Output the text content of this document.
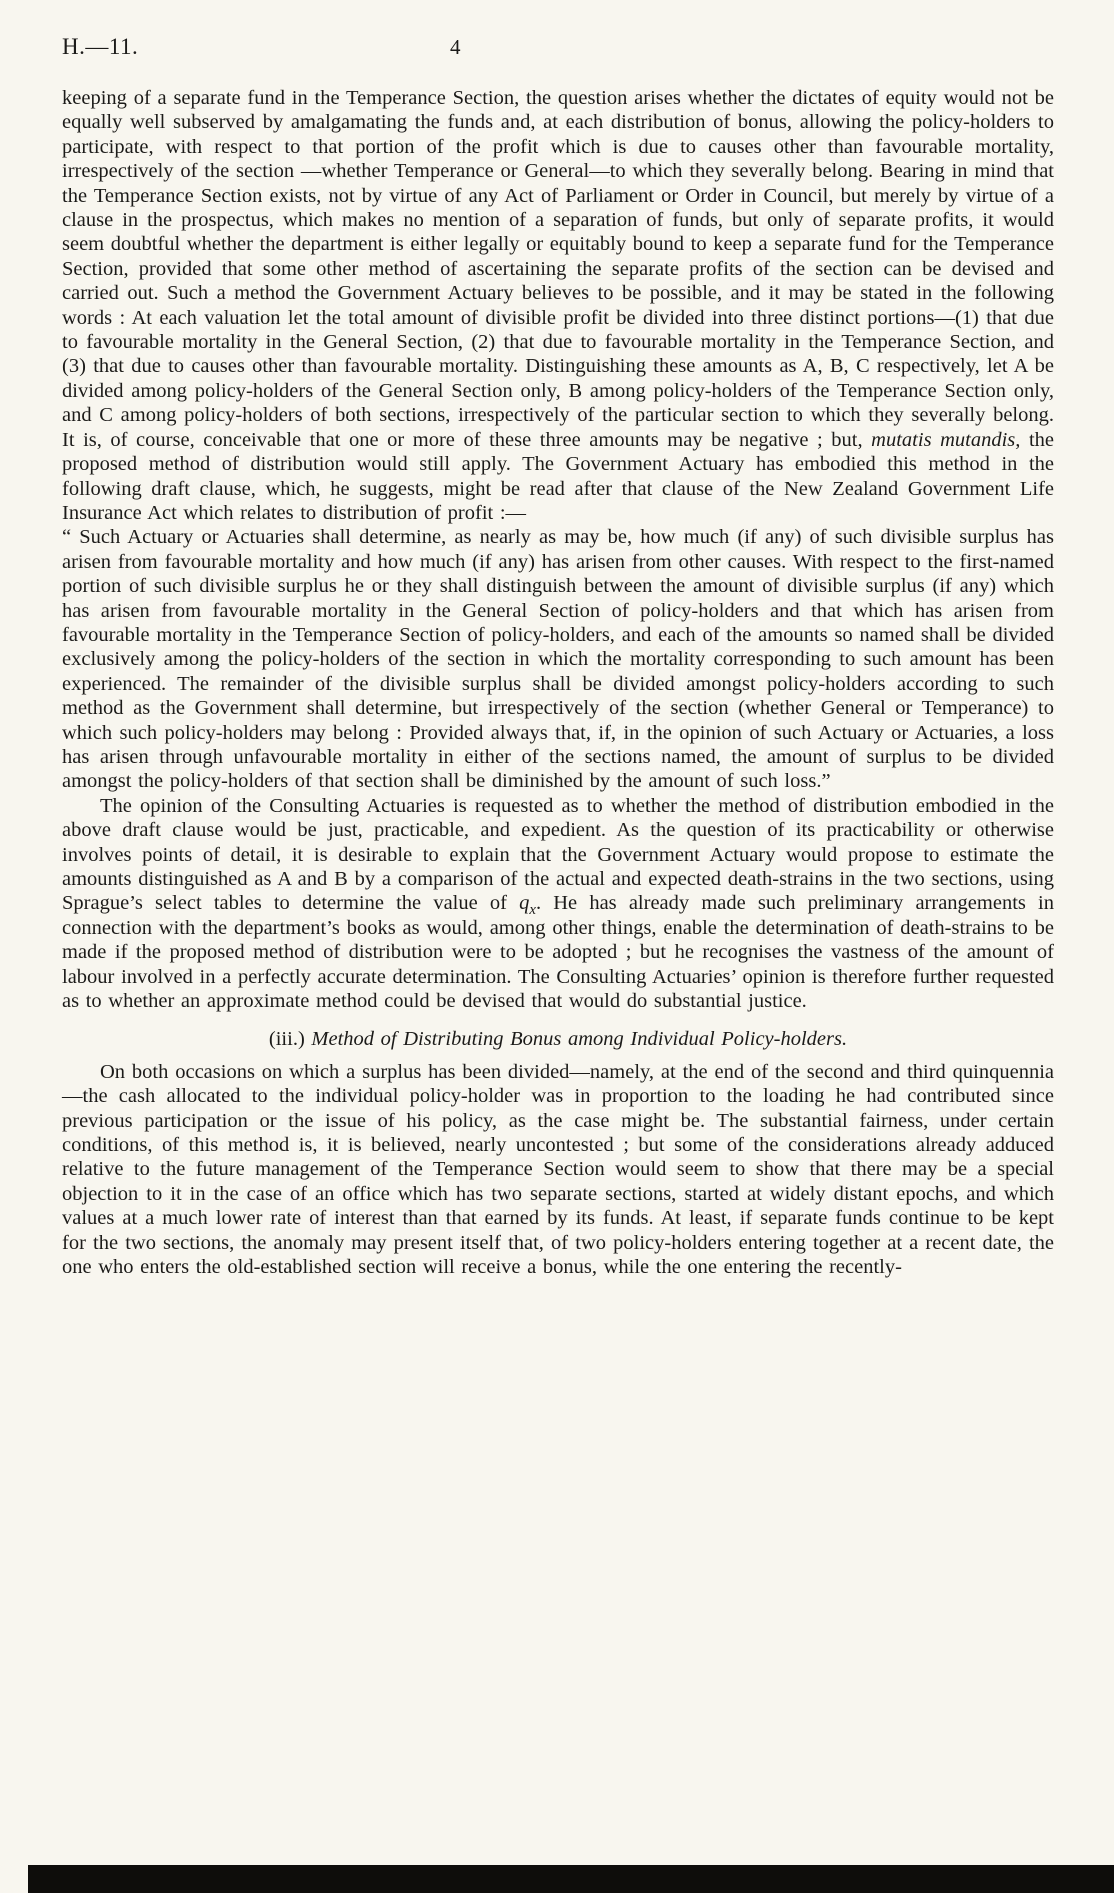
H.—11.	4

keeping of a separate fund in the Temperance Section, the question arises whether the dictates of equity would not be equally well subserved by amalgamating the funds and, at each distribution of bonus, allowing the policy-holders to participate, with respect to that portion of the profit which is due to causes other than favourable mortality, irrespectively of the section —whether Temperance or General—to which they severally belong. Bearing in mind that the Temperance Section exists, not by virtue of any Act of Parliament or Order in Council, but merely by virtue of a clause in the prospectus, which makes no mention of a separation of funds, but only of separate profits, it would seem doubtful whether the department is either legally or equitably bound to keep a separate fund for the Temperance Section, provided that some other method of ascertaining the separate profits of the section can be devised and carried out. Such a method the Government Actuary believes to be possible, and it may be stated in the following words : At each valuation let the total amount of divisible profit be divided into three distinct portions—(1) that due to favourable mortality in the General Section, (2) that due to favourable mortality in the Temperance Section, and (3) that due to causes other than favourable mortality. Distinguishing these amounts as A, B, C respectively, let A be divided among policy-holders of the General Section only, B among policy-holders of the Temperance Section only, and C among policy-holders of both sections, irrespectively of the particular section to which they severally belong. It is, of course, conceivable that one or more of these three amounts may be negative ; but, mutatis mutandis, the proposed method of distribution would still apply. The Government Actuary has embodied this method in the following draft clause, which, he suggests, might be read after that clause of the New Zealand Government Life Insurance Act which relates to distribution of profit :—

“ Such Actuary or Actuaries shall determine, as nearly as may be, how much (if any) of such divisible surplus has arisen from favourable mortality and how much (if any) has arisen from other causes. With respect to the first-named portion of such divisible surplus he or they shall distinguish between the amount of divisible surplus (if any) which has arisen from favourable mortality in the General Section of policy-holders and that which has arisen from favourable mortality in the Temperance Section of policy-holders, and each of the amounts so named shall be divided exclusively among the policy-holders of the section in which the mortality corresponding to such amount has been experienced. The remainder of the divisible surplus shall be divided amongst policy-holders according to such method as the Government shall determine, but irrespectively of the section (whether General or Temperance) to which such policy-holders may belong : Provided always that, if, in the opinion of such Actuary or Actuaries, a loss has arisen through unfavourable mortality in either of the sections named, the amount of surplus to be divided amongst the policy-holders of that section shall be diminished by the amount of such loss.”

The opinion of the Consulting Actuaries is requested as to whether the method of distribution embodied in the above draft clause would be just, practicable, and expedient. As the question of its practicability or otherwise involves points of detail, it is desirable to explain that the Government Actuary would propose to estimate the amounts distinguished as A and B by a comparison of the actual and expected death-strains in the two sections, using Sprague’s select tables to determine the value of $q_x$. He has already made such preliminary arrangements in connection with the department’s books as would, among other things, enable the determination of death-strains to be made if the proposed method of distribution were to be adopted ; but he recognises the vastness of the amount of labour involved in a perfectly accurate determination. The Consulting Actuaries’ opinion is therefore further requested as to whether an approximate method could be devised that would do substantial justice.

(iii.) Method of Distributing Bonus among Individual Policy-holders.

On both occasions on which a surplus has been divided—namely, at the end of the second and third quinquennia—the cash allocated to the individual policy-holder was in proportion to the loading he had contributed since previous participation or the issue of his policy, as the case might be. The substantial fairness, under certain conditions, of this method is, it is believed, nearly uncontested ; but some of the considerations already adduced relative to the future management of the Temperance Section would seem to show that there may be a special objection to it in the case of an office which has two separate sections, started at widely distant epochs, and which values at a much lower rate of interest than that earned by its funds. At least, if separate funds continue to be kept for the two sections, the anomaly may present itself that, of two policy-holders entering together at a recent date, the one who enters the old-established section will receive a bonus, while the one entering the recently-
